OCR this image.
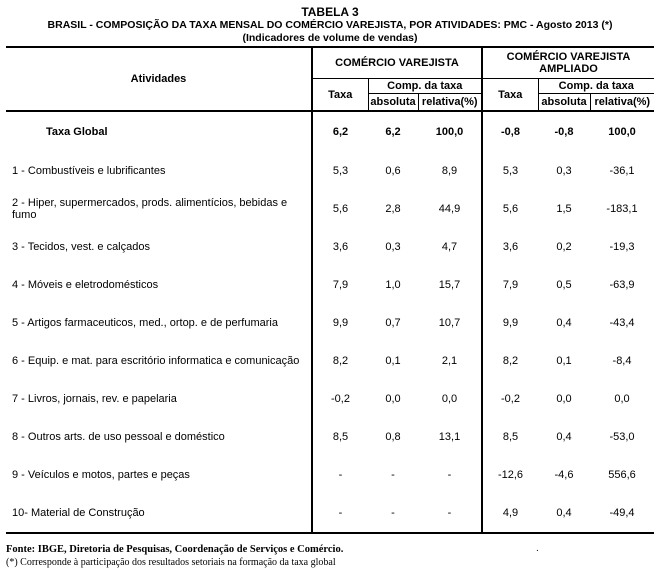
TABELA 3
BRASIL - COMPOSIÇÃO DA TAXA MENSAL DO COMÉRCIO VAREJISTA, POR ATIVIDADES: PMC - Agosto 2013 (*)
(Indicadores de volume de vendas)
Atividades	COMÉRCIO VAREJISTA			COMÉRCIO VAREJISTA AMPLIADO		
	Taxa	Comp. da taxa		Taxa	Comp. da taxa	
		absoluta	relativa(%)		absoluta	relativa(%)
Taxa Global	6,2	6,2	100,0	-0,8	-0,8	100,0
1 - Combustíveis e lubrificantes	5,3	0,6	8,9	5,3	0,3	-36,1
2 - Hiper, supermercados, prods. alimentícios, bebidas e fumo	5,6	2,8	44,9	5,6	1,5	-183,1
3 - Tecidos, vest. e calçados	3,6	0,3	4,7	3,6	0,2	-19,3
4 - Móveis e eletrodomésticos	7,9	1,0	15,7	7,9	0,5	-63,9
5 - Artigos farmaceuticos, med., ortop. e de perfumaria	9,9	0,7	10,7	9,9	0,4	-43,4
6 - Equip. e mat. para escritório informatica e comunicação	8,2	0,1	2,1	8,2	0,1	-8,4
7 - Livros, jornais, rev. e papelaria	-0,2	0,0	0,0	-0,2	0,0	0,0
8 - Outros arts. de uso pessoal e doméstico	8,5	0,8	13,1	8,5	0,4	-53,0
9 - Veículos e motos, partes e peças	-	-	-	-12,6	-4,6	556,6
10- Material de Construção	-	-	-	4,9	0,4	-49,4
Fonte: IBGE, Diretoria de Pesquisas, Coordenação de Serviços e Comércio.
(*) Corresponde à participação dos resultados setoriais na formação da taxa global
.
